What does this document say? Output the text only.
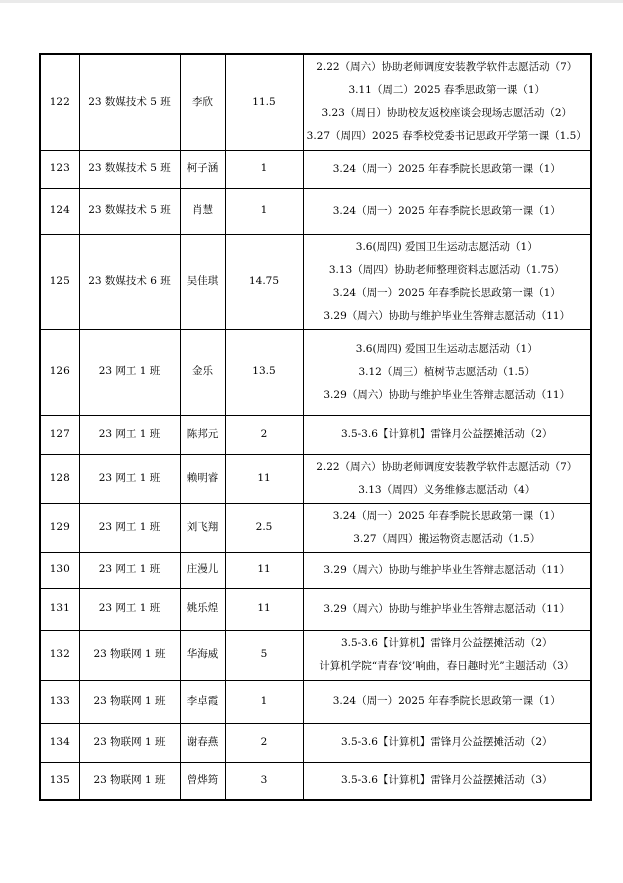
122	23 数媒技术 5 班	李欣	11.5	2.22（周六）协助老师调度安装教学软件志愿活动（7）
3.11（周二）2025 春季思政第一课（1）
3.23（周日）协助校友返校座谈会现场志愿活动（2）
3.27（周四）2025 春季校党委书记思政开学第一课（1.5）

123	23 数媒技术 5 班	柯子涵	1	3.24（周一）2025 年春季院长思政第一课（1）

124	23 数媒技术 5 班	肖慧	1	3.24（周一）2025 年春季院长思政第一课（1）

125	23 数媒技术 6 班	吴佳琪	14.75	3.6(周四) 爱国卫生运动志愿活动（1）
3.13（周四）协助老师整理资料志愿活动（1.75）
3.24（周一）2025 年春季院长思政第一课（1）
3.29（周六）协助与维护毕业生答辩志愿活动（11）

126	23 网工 1 班	金乐	13.5	3.6(周四) 爱国卫生运动志愿活动（1）
3.12（周三）植树节志愿活动（1.5）
3.29（周六）协助与维护毕业生答辩志愿活动（11）

127	23 网工 1 班	陈邦元	2	3.5-3.6【计算机】雷锋月公益摆摊活动（2）

128	23 网工 1 班	赖明睿	11	2.22（周六）协助老师调度安装教学软件志愿活动（7）
3.13（周四）义务维修志愿活动（4）

129	23 网工 1 班	刘飞翔	2.5	3.24（周一）2025 年春季院长思政第一课（1）
3.27（周四）搬运物资志愿活动（1.5）

130	23 网工 1 班	庄漫儿	11	3.29（周六）协助与维护毕业生答辩志愿活动（11）

131	23 网工 1 班	姚乐煌	11	3.29（周六）协助与维护毕业生答辩志愿活动（11）

132	23 物联网 1 班	华海威	5	3.5-3.6【计算机】雷锋月公益摆摊活动（2）
计算机学院“青春‘饺’响曲，春日趣时光”主题活动（3）

133	23 物联网 1 班	李卓霞	1	3.24（周一）2025 年春季院长思政第一课（1）

134	23 物联网 1 班	谢春燕	2	3.5-3.6【计算机】雷锋月公益摆摊活动（2）

135	23 物联网 1 班	曾烨筠	3	3.5-3.6【计算机】雷锋月公益摆摊活动（3）
